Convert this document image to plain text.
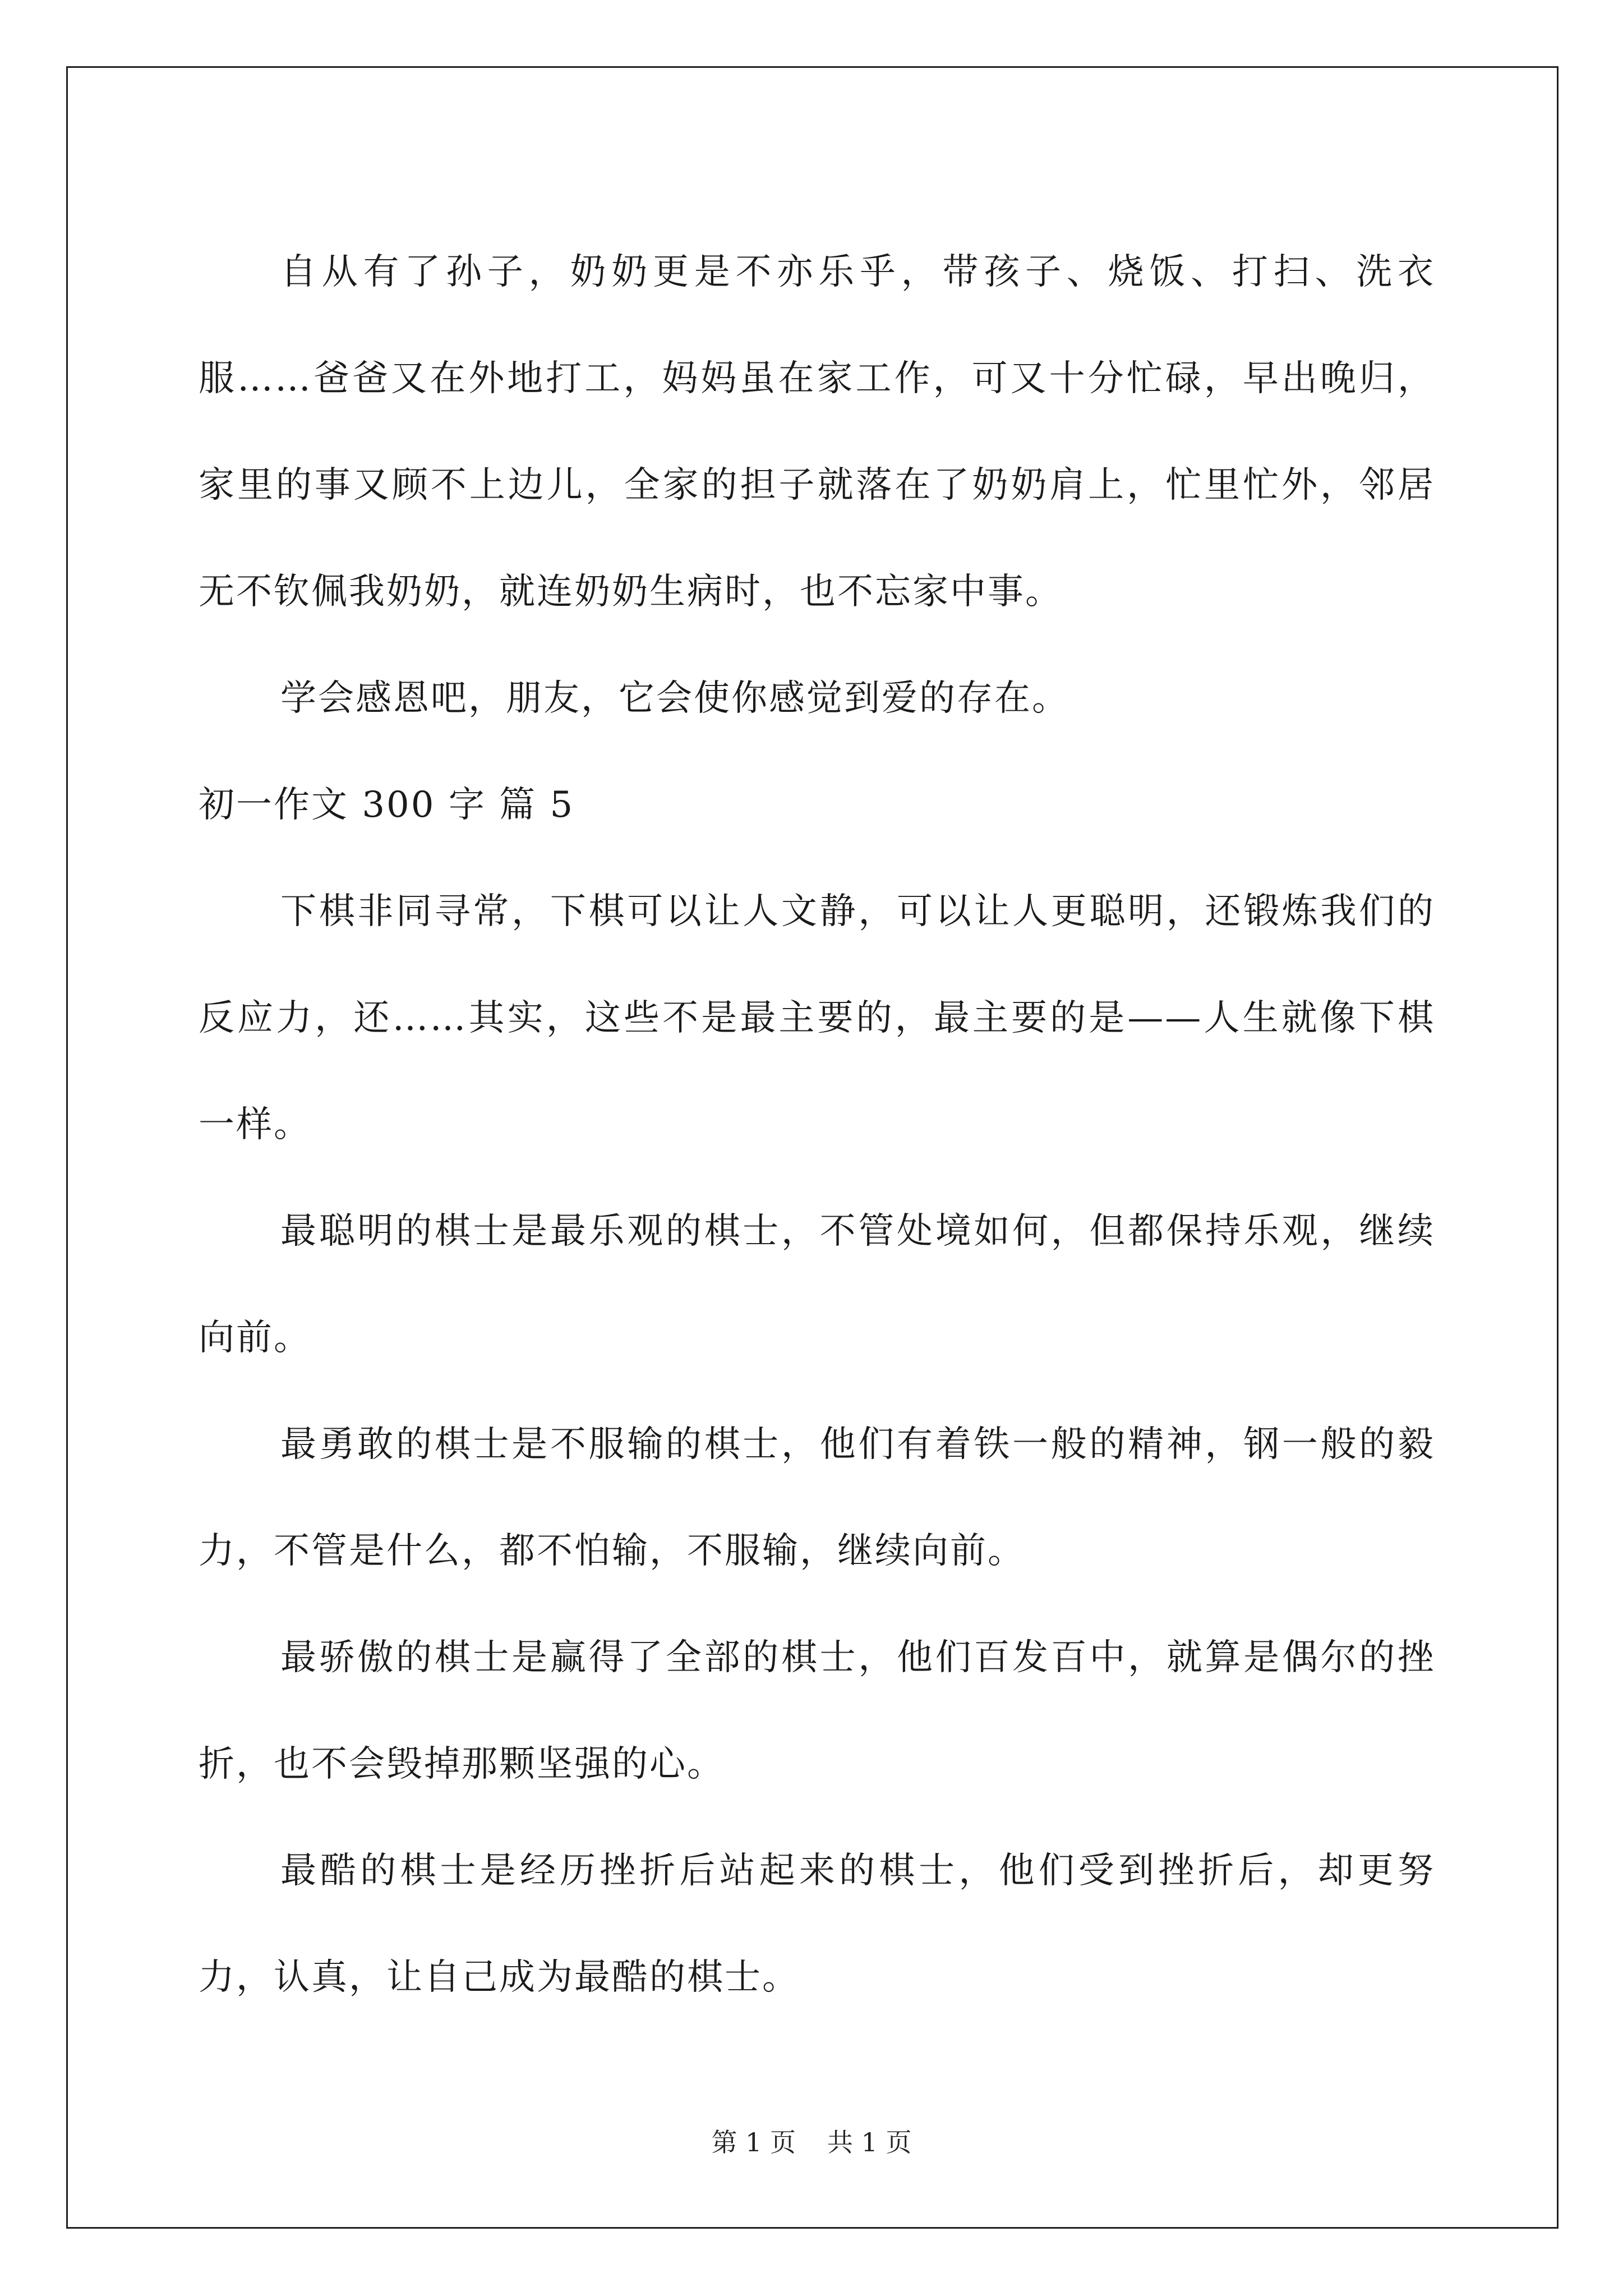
自从有了孙子，奶奶更是不亦乐乎，带孩子、烧饭、打扫、洗衣服……爸爸又在外地打工，妈妈虽在家工作，可又十分忙碌，早出晚归，家里的事又顾不上边儿，全家的担子就落在了奶奶肩上，忙里忙外，邻居无不钦佩我奶奶，就连奶奶生病时，也不忘家中事。

学会感恩吧，朋友，它会使你感觉到爱的存在。

初一作文 300 字 篇 5

下棋非同寻常，下棋可以让人文静，可以让人更聪明，还锻炼我们的反应力，还……其实，这些不是最主要的，最主要的是——人生就像下棋一样。

最聪明的棋士是最乐观的棋士，不管处境如何，但都保持乐观，继续向前。

最勇敢的棋士是不服输的棋士，他们有着铁一般的精神，钢一般的毅力，不管是什么，都不怕输，不服输，继续向前。

最骄傲的棋士是赢得了全部的棋士，他们百发百中，就算是偶尔的挫折，也不会毁掉那颗坚强的心。

最酷的棋士是经历挫折后站起来的棋士，他们受到挫折后，却更努力，认真，让自己成为最酷的棋士。

第 1 页 共 1 页
